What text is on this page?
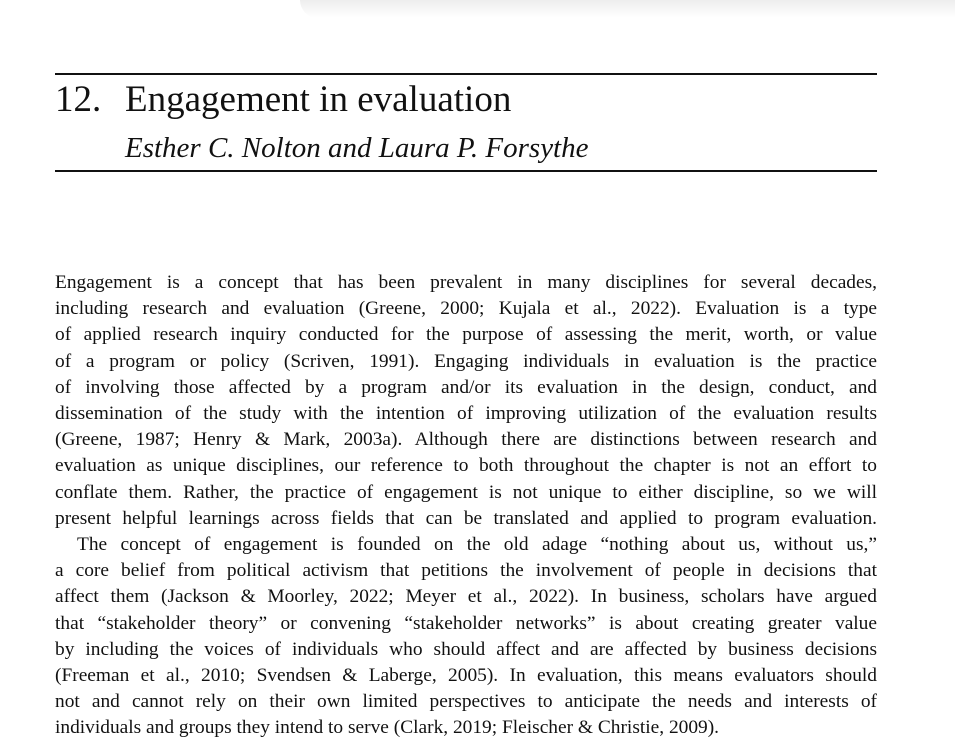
12. Engagement in evaluation
Esther C. Nolton and Laura P. Forsythe
Engagement is a concept that has been prevalent in many disciplines for several decades,
including research and evaluation (Greene, 2000; Kujala et al., 2022). Evaluation is a type
of applied research inquiry conducted for the purpose of assessing the merit, worth, or value
of a program or policy (Scriven, 1991). Engaging individuals in evaluation is the practice
of involving those affected by a program and/or its evaluation in the design, conduct, and
dissemination of the study with the intention of improving utilization of the evaluation results
(Greene, 1987; Henry & Mark, 2003a). Although there are distinctions between research and
evaluation as unique disciplines, our reference to both throughout the chapter is not an effort to
conflate them. Rather, the practice of engagement is not unique to either discipline, so we will
present helpful learnings across fields that can be translated and applied to program evaluation.
The concept of engagement is founded on the old adage “nothing about us, without us,”
a core belief from political activism that petitions the involvement of people in decisions that
affect them (Jackson & Moorley, 2022; Meyer et al., 2022). In business, scholars have argued
that “stakeholder theory” or convening “stakeholder networks” is about creating greater value
by including the voices of individuals who should affect and are affected by business decisions
(Freeman et al., 2010; Svendsen & Laberge, 2005). In evaluation, this means evaluators should
not and cannot rely on their own limited perspectives to anticipate the needs and interests of
individuals and groups they intend to serve (Clark, 2019; Fleischer & Christie, 2009).
